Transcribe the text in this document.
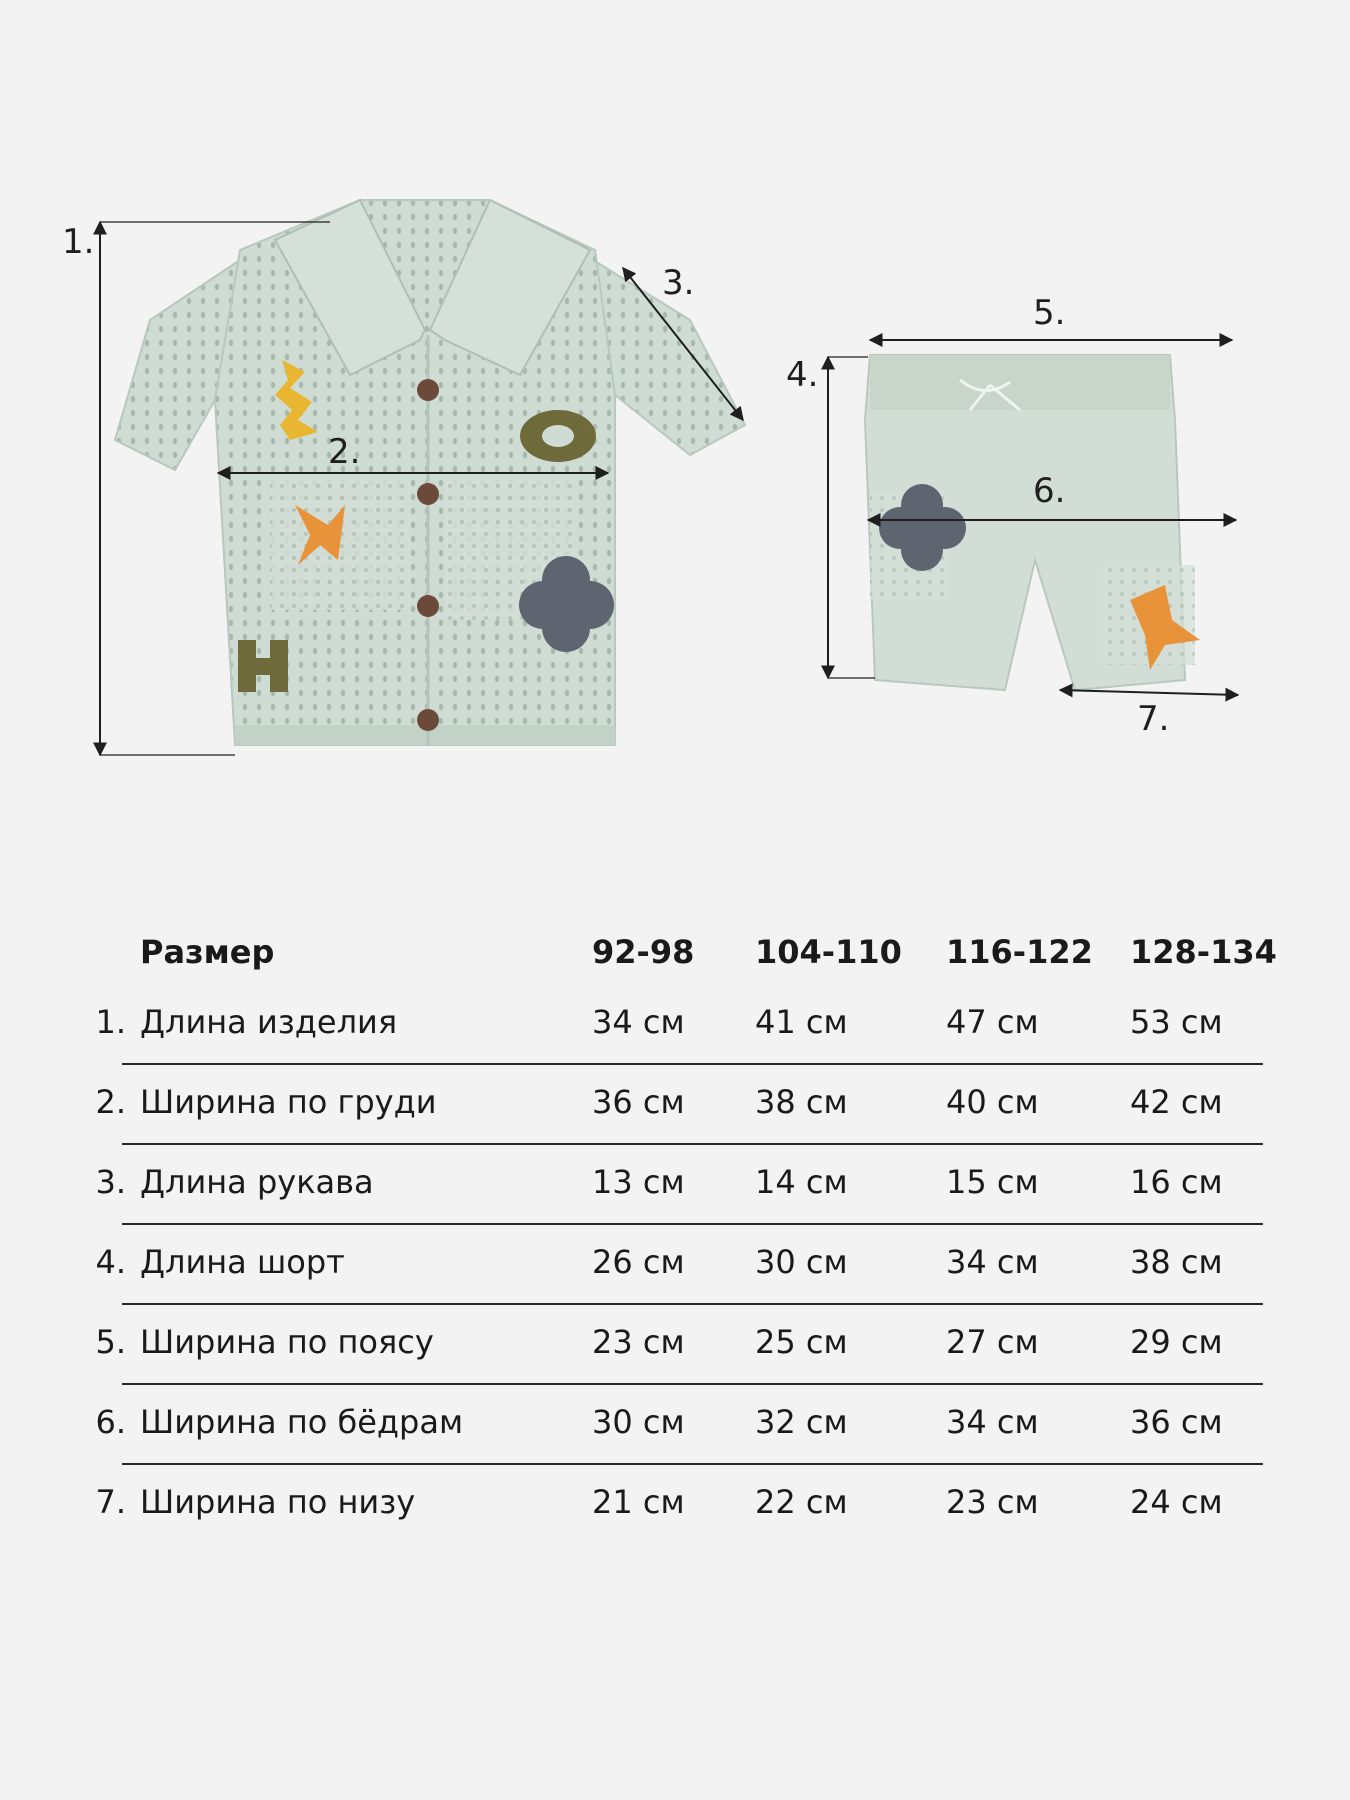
1.
2.
3.
4.
5.
6.
7.
Размер	92-98 104-110 116-122 128-134
1. Длина изделия	34 см 41 см	47 см	53 см
2. Ширина по груди	36 см 38 см	40 см	42 см
3. Длина рукава	13 см 14 см	15 см	16 см
4. Длина шорт	26 см 30 см	34 см	38 см
5. Ширина по поясу	23 см 25 см	27 см	29 см
6. Ширина по бёдрам	30 см 32 см	34 см	36 см
7. Ширина по низу	21 см 22 см	23 см	24 см
